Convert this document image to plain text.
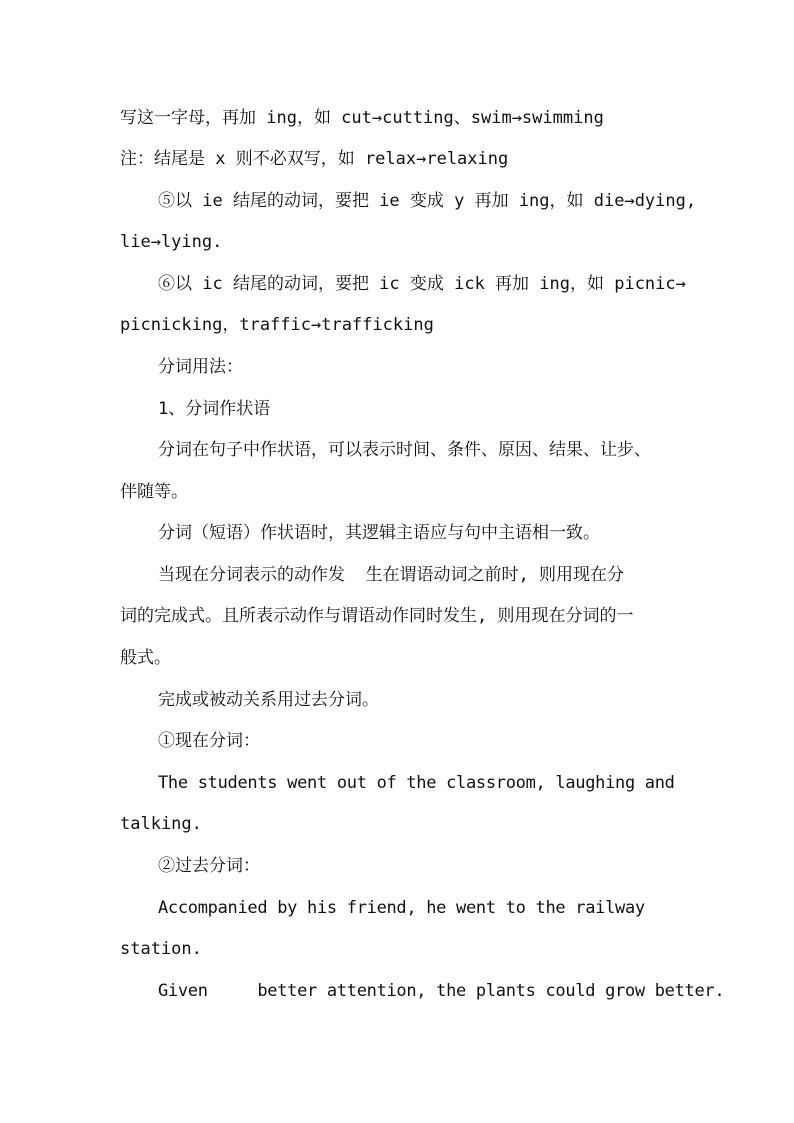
写这一字母，再加 ing，如 cut→cutting、swim→swimming
注：结尾是 x 则不必双写，如 relax→relaxing
⑤以 ie 结尾的动词，要把 ie 变成 y 再加 ing，如 die→dying,
lie→lying.
⑥以 ic 结尾的动词，要把 ic 变成 ick 再加 ing，如 picnic→
picnicking，traffic→trafficking
分词用法：
1、分词作状语
分词在句子中作状语，可以表示时间、条件、原因、结果、让步、
伴随等。
分词（短语）作状语时，其逻辑主语应与句中主语相一致。
当现在分词表示的动作发  生在谓语动词之前时, 则用现在分
词的完成式。且所表示动作与谓语动作同时发生, 则用现在分词的一
般式。
完成或被动关系用过去分词。
①现在分词：
The students went out of the classroom, laughing and
talking.
②过去分词：
Accompanied by his friend, he went to the railway
station.
Given     better attention, the plants could grow better.
